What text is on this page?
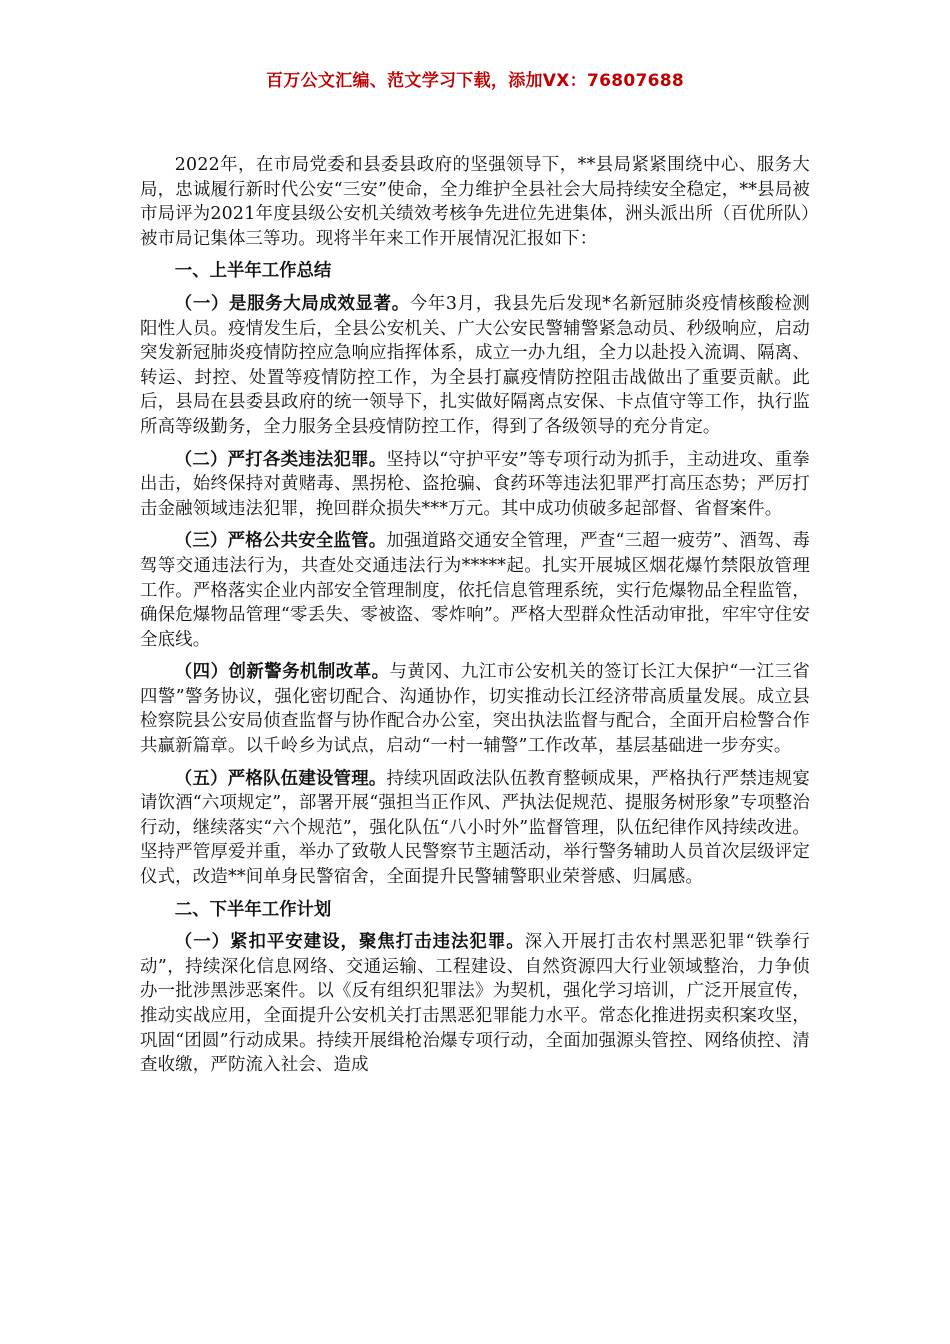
百万公文汇编、范文学习下载，添加VX：76807688

2022年，在市局党委和县委县政府的坚强领导下，**县局紧紧围绕中心、服务大局，忠诚履行新时代公安“三安”使命，全力维护全县社会大局持续安全稳定，**县局被市局评为2021年度县级公安机关绩效考核争先进位先进集体，洲头派出所（百优所队）被市局记集体三等功。现将半年来工作开展情况汇报如下：

一、上半年工作总结

（一）是服务大局成效显著。今年3月，我县先后发现*名新冠肺炎疫情核酸检测阳性人员。疫情发生后，全县公安机关、广大公安民警辅警紧急动员、秒级响应，启动突发新冠肺炎疫情防控应急响应指挥体系，成立一办九组，全力以赴投入流调、隔离、转运、封控、处置等疫情防控工作，为全县打赢疫情防控阻击战做出了重要贡献。此后，县局在县委县政府的统一领导下，扎实做好隔离点安保、卡点值守等工作，执行监所高等级勤务，全力服务全县疫情防控工作，得到了各级领导的充分肯定。

（二）严打各类违法犯罪。坚持以“守护平安”等专项行动为抓手，主动进攻、重拳出击，始终保持对黄赌毒、黑拐枪、盗抢骗、食药环等违法犯罪严打高压态势；严厉打击金融领域违法犯罪，挽回群众损失***万元。其中成功侦破多起部督、省督案件。

（三）严格公共安全监管。加强道路交通安全管理，严查“三超一疲劳”、酒驾、毒驾等交通违法行为，共查处交通违法行为*****起。扎实开展城区烟花爆竹禁限放管理工作。严格落实企业内部安全管理制度，依托信息管理系统，实行危爆物品全程监管，确保危爆物品管理“零丢失、零被盗、零炸响”。严格大型群众性活动审批，牢牢守住安全底线。

（四）创新警务机制改革。与黄冈、九江市公安机关的签订长江大保护“一江三省四警”警务协议，强化密切配合、沟通协作，切实推动长江经济带高质量发展。成立县检察院县公安局侦查监督与协作配合办公室，突出执法监督与配合，全面开启检警合作共赢新篇章。以千岭乡为试点，启动“一村一辅警”工作改革，基层基础进一步夯实。

（五）严格队伍建设管理。持续巩固政法队伍教育整顿成果，严格执行严禁违规宴请饮酒“六项规定”，部署开展“强担当正作风、严执法促规范、提服务树形象”专项整治行动，继续落实“六个规范”，强化队伍“八小时外”监督管理，队伍纪律作风持续改进。坚持严管厚爱并重，举办了致敬人民警察节主题活动，举行警务辅助人员首次层级评定仪式，改造**间单身民警宿舍，全面提升民警辅警职业荣誉感、归属感。

二、下半年工作计划

（一）紧扣平安建设，聚焦打击违法犯罪。深入开展打击农村黑恶犯罪“铁拳行动”，持续深化信息网络、交通运输、工程建设、自然资源四大行业领域整治，力争侦办一批涉黑涉恶案件。以《反有组织犯罪法》为契机，强化学习培训，广泛开展宣传，推动实战应用，全面提升公安机关打击黑恶犯罪能力水平。常态化推进拐卖积案攻坚，巩固“团圆”行动成果。持续开展缉枪治爆专项行动，全面加强源头管控、网络侦控、清查收缴，严防流入社会、造成
